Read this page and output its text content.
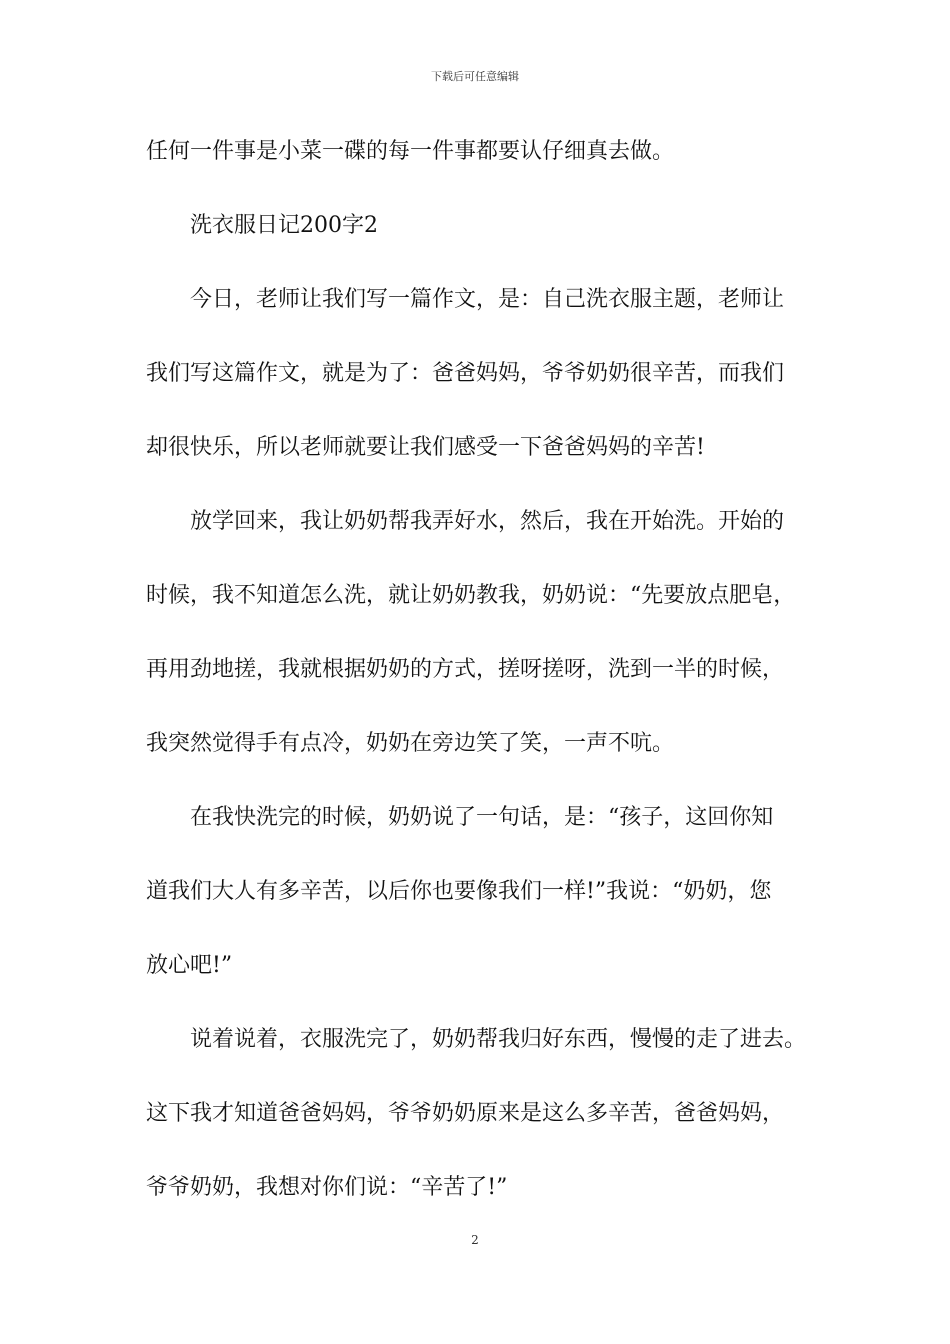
下载后可任意编辑
任何一件事是小菜一碟的每一件事都要认仔细真去做。
洗衣服日记200字2
今日，老师让我们写一篇作文，是：自己洗衣服主题，老师让
我们写这篇作文，就是为了：爸爸妈妈，爷爷奶奶很辛苦，而我们
却很快乐，所以老师就要让我们感受一下爸爸妈妈的辛苦!
放学回来，我让奶奶帮我弄好水，然后，我在开始洗。开始的
时候，我不知道怎么洗，就让奶奶教我，奶奶说：“先要放点肥皂，
再用劲地搓，我就根据奶奶的方式，搓呀搓呀，洗到一半的时候，
我突然觉得手有点冷，奶奶在旁边笑了笑，一声不吭。
在我快洗完的时候，奶奶说了一句话，是：“孩子，这回你知
道我们大人有多辛苦，以后你也要像我们一样!”我说：“奶奶，您
放心吧!”
说着说着，衣服洗完了，奶奶帮我归好东西，慢慢的走了进去。
这下我才知道爸爸妈妈，爷爷奶奶原来是这么多辛苦，爸爸妈妈，
爷爷奶奶，我想对你们说：“辛苦了!”
2
